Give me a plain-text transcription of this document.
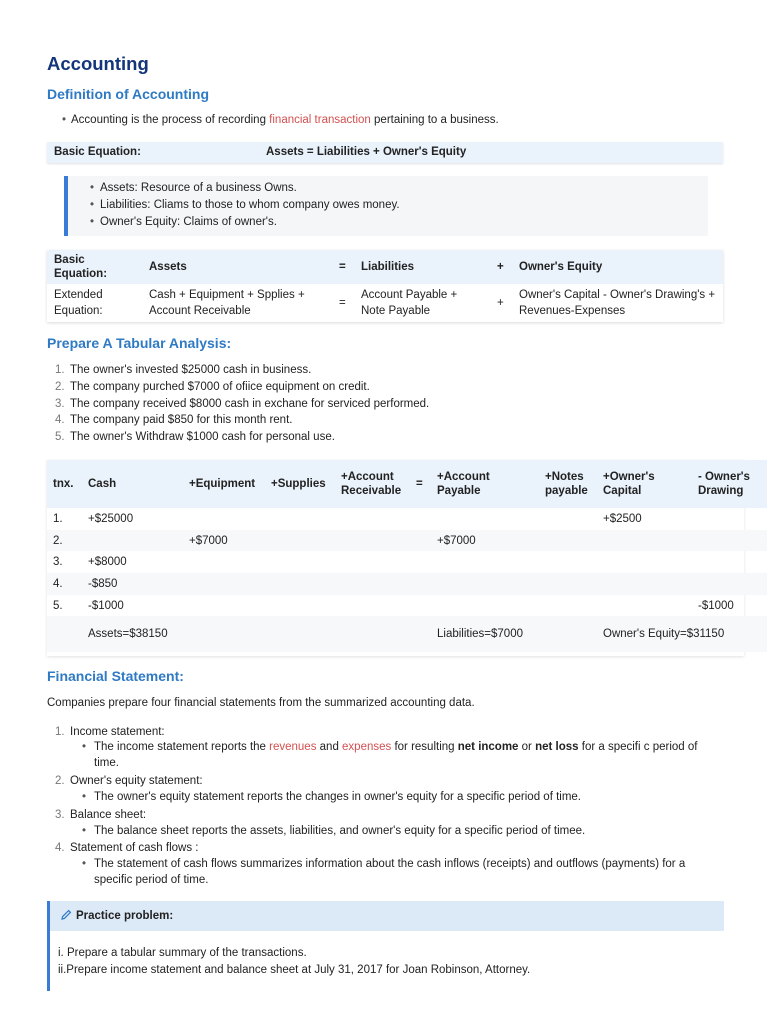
Accounting
Definition of Accounting
• Accounting is the process of recording financial transaction pertaining to a business.
Basic Equation:	Assets = Liabilities + Owner's Equity
• Assets: Resource of a business Owns.
• Liabilities: Cliams to those to whom company owes money.
• Owner's Equity: Claims of owner's.
Basic Equation:	Assets	=	Liabilities	+	Owner's Equity
Extended Equation:	Cash + Equipment + Spplies + Account Receivable	=	Account Payable + Note Payable	+	Owner's Capital - Owner's Drawing's + Revenues-Expenses
Prepare A Tabular Analysis:
1. The owner's invested $25000 cash in business.
2. The company purched $7000 of ofiice equipment on credit.
3. The company received $8000 cash in exchane for serviced performed.
4. The company paid $850 for this month rent.
5. The owner's Withdraw $1000 cash for personal use.
tnx.	Cash	+Equipment	+Supplies	+Account Receivable	=	+Account Payable	+Notes payable	+Owner's Capital	- Owner's Drawing
1.	+$25000							+$2500	
2.		+$7000				+$7000			
3.	+$8000								
4.	-$850								
5.	-$1000								-$1000
	Assets=$38150					Liabilities=$7000		Owner's Equity=$31150	
Financial Statement:
Companies prepare four financial statements from the summarized accounting data.
1. Income statement:
• The income statement reports the revenues and expenses for resulting net income or net loss for a specifi c period of time.
2. Owner's equity statement:
• The owner's equity statement reports the changes in owner's equity for a specific period of time.
3. Balance sheet:
• The balance sheet reports the assets, liabilities, and owner's equity for a specific period of timee.
4. Statement of cash flows :
• The statement of cash flows summarizes information about the cash inflows (receipts) and outflows (payments) for a specific period of time.
Practice problem:
i. Prepare a tabular summary of the transactions.
ii.Prepare income statement and balance sheet at July 31, 2017 for Joan Robinson, Attorney.
